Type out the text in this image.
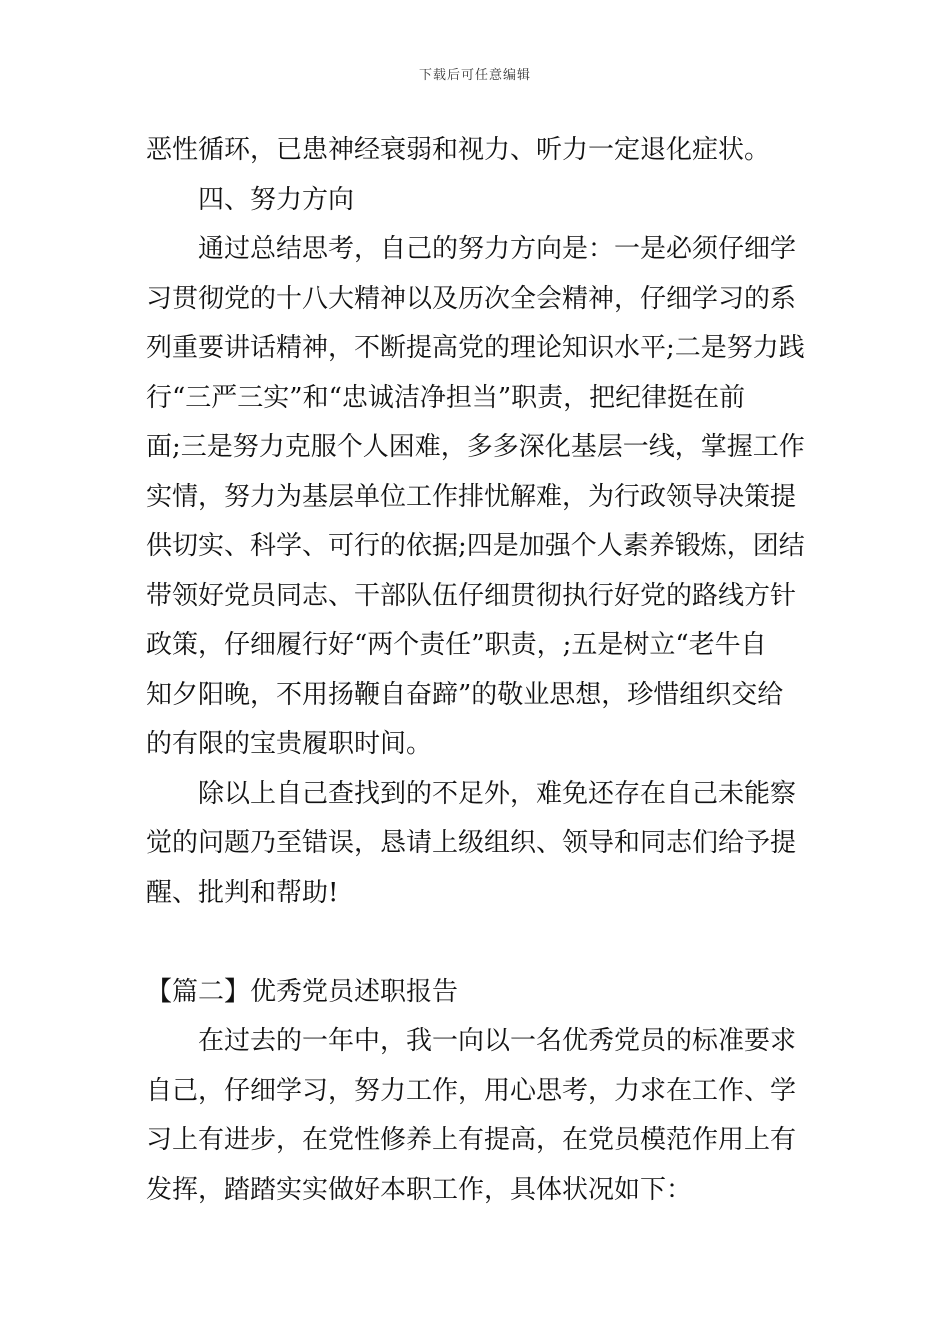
下载后可任意编辑
恶性循环，已患神经衰弱和视力、听力一定退化症状。
四、努力方向
通过总结思考，自己的努力方向是：一是必须仔细学
习贯彻党的十八大精神以及历次全会精神，仔细学习的系
列重要讲话精神，不断提高党的理论知识水平;二是努力践
行“三严三实”和“忠诚洁净担当”职责，把纪律挺在前
面;三是努力克服个人困难，多多深化基层一线，掌握工作
实情，努力为基层单位工作排忧解难，为行政领导决策提
供切实、科学、可行的依据;四是加强个人素养锻炼，团结
带领好党员同志、干部队伍仔细贯彻执行好党的路线方针
政策，仔细履行好“两个责任”职责，;五是树立“老牛自
知夕阳晚，不用扬鞭自奋蹄”的敬业思想，珍惜组织交给
的有限的宝贵履职时间。
除以上自己查找到的不足外，难免还存在自己未能察
觉的问题乃至错误，恳请上级组织、领导和同志们给予提
醒、批判和帮助!
【篇二】优秀党员述职报告
在过去的一年中，我一向以一名优秀党员的标准要求
自己，仔细学习，努力工作，用心思考，力求在工作、学
习上有进步，在党性修养上有提高，在党员模范作用上有
发挥，踏踏实实做好本职工作，具体状况如下：
